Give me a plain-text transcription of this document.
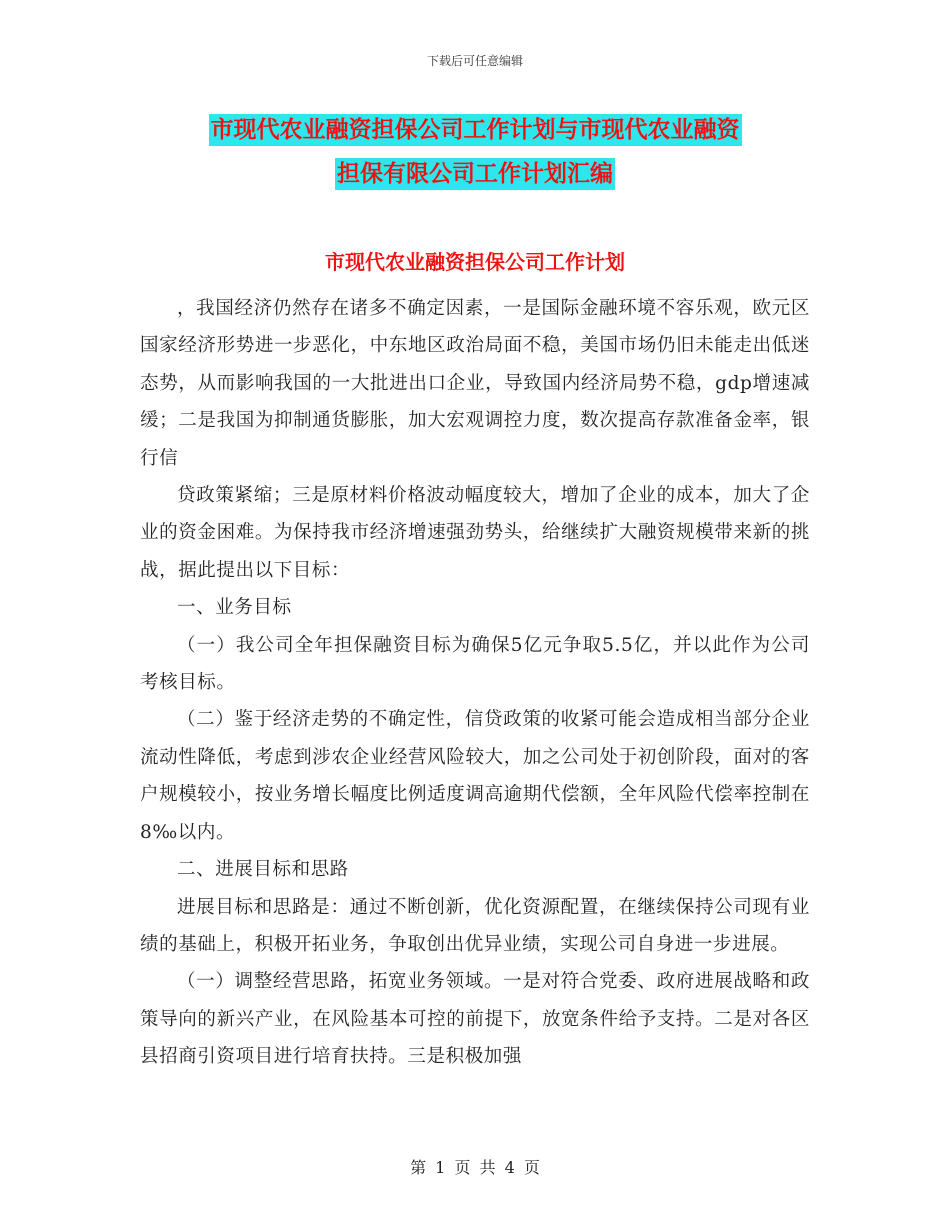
下载后可任意编辑
市现代农业融资担保公司工作计划与市现代农业融资
担保有限公司工作计划汇编
市现代农业融资担保公司工作计划

，我国经济仍然存在诸多不确定因素，一是国际金融环境不容乐观，欧元区国家经济形势进一步恶化，中东地区政治局面不稳，美国市场仍旧未能走出低迷态势，从而影响我国的一大批进出口企业，导致国内经济局势不稳，gdp增速减缓；二是我国为抑制通货膨胀，加大宏观调控力度，数次提高存款准备金率，银行信

贷政策紧缩；三是原材料价格波动幅度较大，增加了企业的成本，加大了企业的资金困难。为保持我市经济增速强劲势头，给继续扩大融资规模带来新的挑战，据此提出以下目标：

一、业务目标

（一）我公司全年担保融资目标为确保5亿元争取5.5亿，并以此作为公司考核目标。

（二）鉴于经济走势的不确定性，信贷政策的收紧可能会造成相当部分企业流动性降低，考虑到涉农企业经营风险较大，加之公司处于初创阶段，面对的客户规模较小，按业务增长幅度比例适度调高逾期代偿额，全年风险代偿率控制在8‰以内。

二、进展目标和思路

进展目标和思路是：通过不断创新，优化资源配置，在继续保持公司现有业绩的基础上，积极开拓业务，争取创出优异业绩，实现公司自身进一步进展。

（一）调整经营思路，拓宽业务领域。一是对符合党委、政府进展战略和政策导向的新兴产业，在风险基本可控的前提下，放宽条件给予支持。二是对各区县招商引资项目进行培育扶持。三是积极加强

第 1 页 共 4 页
